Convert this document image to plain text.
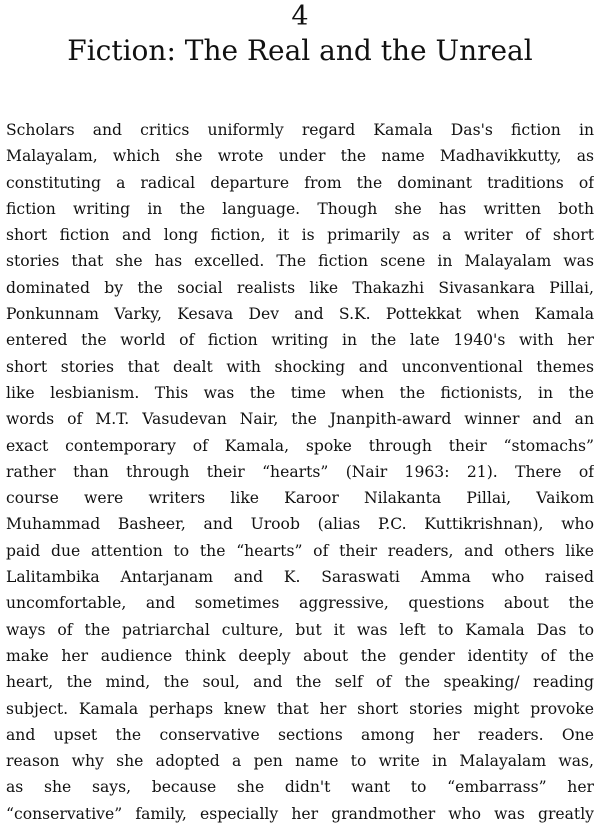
4
Fiction: The Real and the Unreal
Scholars and critics uniformly regard Kamala Das's fiction in
Malayalam, which she wrote under the name Madhavikkutty, as
constituting a radical departure from the dominant traditions of
fiction writing in the language. Though she has written both
short fiction and long fiction, it is primarily as a writer of short
stories that she has excelled. The fiction scene in Malayalam was
dominated by the social realists like Thakazhi Sivasankara Pillai,
Ponkunnam Varky, Kesava Dev and S.K. Pottekkat when Kamala
entered the world of fiction writing in the late 1940's with her
short stories that dealt with shocking and unconventional themes
like lesbianism. This was the time when the fictionists, in the
words of M.T. Vasudevan Nair, the Jnanpith-award winner and an
exact contemporary of Kamala, spoke through their “stomachs”
rather than through their “hearts” (Nair 1963: 21). There of
course were writers like Karoor Nilakanta Pillai, Vaikom
Muhammad Basheer, and Uroob (alias P.C. Kuttikrishnan), who
paid due attention to the “hearts” of their readers, and others like
Lalitambika Antarjanam and K. Saraswati Amma who raised
uncomfortable, and sometimes aggressive, questions about the
ways of the patriarchal culture, but it was left to Kamala Das to
make her audience think deeply about the gender identity of the
heart, the mind, the soul, and the self of the speaking/ reading
subject. Kamala perhaps knew that her short stories might provoke
and upset the conservative sections among her readers. One
reason why she adopted a pen name to write in Malayalam was,
as she says, because she didn't want to “embarrass” her
“conservative” family, especially her grandmother who was greatly
